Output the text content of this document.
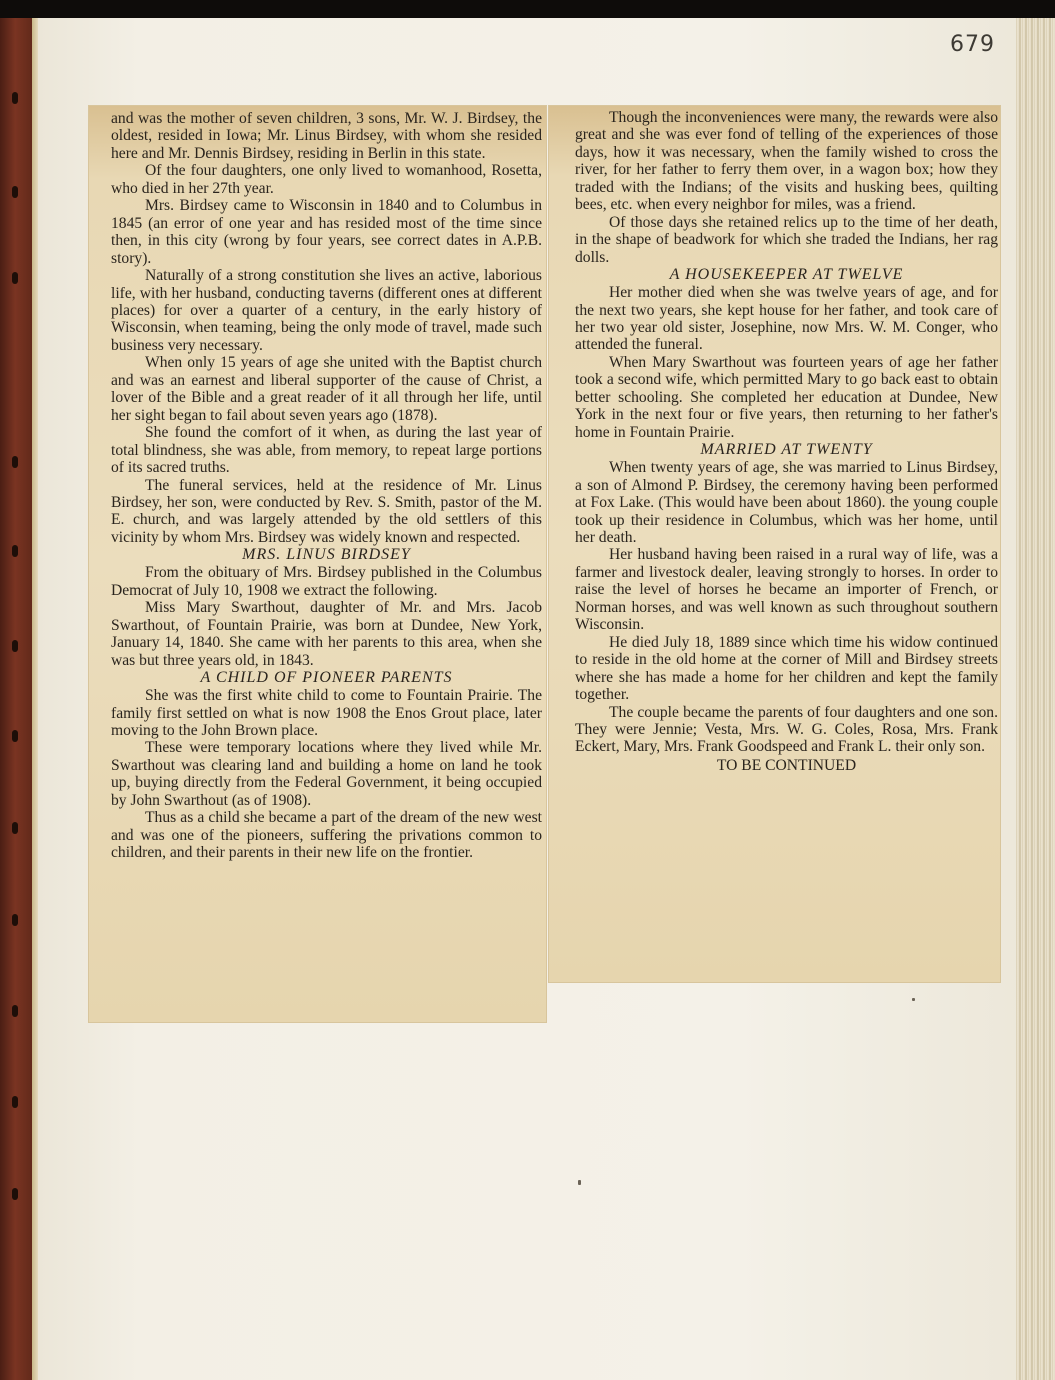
679

and was the mother of seven children, 3 sons, Mr. W. J. Birdsey, the oldest, resided in Iowa; Mr. Linus Birdsey, with whom she resided here and Mr. Dennis Birdsey, residing in Berlin in this state.

Of the four daughters, one only lived to womanhood, Rosetta, who died in her 27th year.

Mrs. Birdsey came to Wisconsin in 1840 and to Columbus in 1845 (an error of one year and has resided most of the time since then, in this city (wrong by four years, see correct dates in A.P.B. story).

Naturally of a strong constitution she lives an active, laborious life, with her husband, conducting taverns (different ones at different places) for over a quarter of a century, in the early history of Wisconsin, when teaming, being the only mode of travel, made such business very necessary.

When only 15 years of age she united with the Baptist church and was an earnest and liberal supporter of the cause of Christ, a lover of the Bible and a great reader of it all through her life, until her sight began to fail about seven years ago (1878).

She found the comfort of it when, as during the last year of total blindness, she was able, from memory, to repeat large portions of its sacred truths.

The funeral services, held at the residence of Mr. Linus Birdsey, her son, were conducted by Rev. S. Smith, pastor of the M. E. church, and was largely attended by the old settlers of this vicinity by whom Mrs. Birdsey was widely known and respected.

MRS. LINUS BIRDSEY

From the obituary of Mrs. Birdsey published in the Columbus Democrat of July 10, 1908 we extract the following.

Miss Mary Swarthout, daughter of Mr. and Mrs. Jacob Swarthout, of Fountain Prairie, was born at Dundee, New York, January 14, 1840. She came with her parents to this area, when she was but three years old, in 1843.

A CHILD OF PIONEER PARENTS

She was the first white child to come to Fountain Prairie. The family first settled on what is now 1908 the Enos Grout place, later moving to the John Brown place.

These were temporary locations where they lived while Mr. Swarthout was clearing land and building a home on land he took up, buying directly from the Federal Government, it being occupied by John Swarthout (as of 1908).

Thus as a child she became a part of the dream of the new west and was one of the pioneers, suffering the privations common to children, and their parents in their new life on the frontier.

Though the inconveniences were many, the rewards were also great and she was ever fond of telling of the experiences of those days, how it was necessary, when the family wished to cross the river, for her father to ferry them over, in a wagon box; how they traded with the Indians; of the visits and husking bees, quilting bees, etc. when every neighbor for miles, was a friend.

Of those days she retained relics up to the time of her death, in the shape of beadwork for which she traded the Indians, her rag dolls.

A HOUSEKEEPER AT TWELVE

Her mother died when she was twelve years of age, and for the next two years, she kept house for her father, and took care of her two year old sister, Josephine, now Mrs. W. M. Conger, who attended the funeral.

When Mary Swarthout was fourteen years of age her father took a second wife, which permitted Mary to go back east to obtain better schooling. She completed her education at Dundee, New York in the next four or five years, then returning to her father's home in Fountain Prairie.

MARRIED AT TWENTY

When twenty years of age, she was married to Linus Birdsey, a son of Almond P. Birdsey, the ceremony having been performed at Fox Lake. (This would have been about 1860). the young couple took up their residence in Columbus, which was her home, until her death.

Her husband having been raised in a rural way of life, was a farmer and livestock dealer, leaving strongly to horses. In order to raise the level of horses he became an importer of French, or Norman horses, and was well known as such throughout southern Wisconsin.

He died July 18, 1889 since which time his widow continued to reside in the old home at the corner of Mill and Birdsey streets where she has made a home for her children and kept the family together.

The couple became the parents of four daughters and one son. They were Jennie; Vesta, Mrs. W. G. Coles, Rosa, Mrs. Frank Eckert, Mary, Mrs. Frank Goodspeed and Frank L. their only son.

TO BE CONTINUED
